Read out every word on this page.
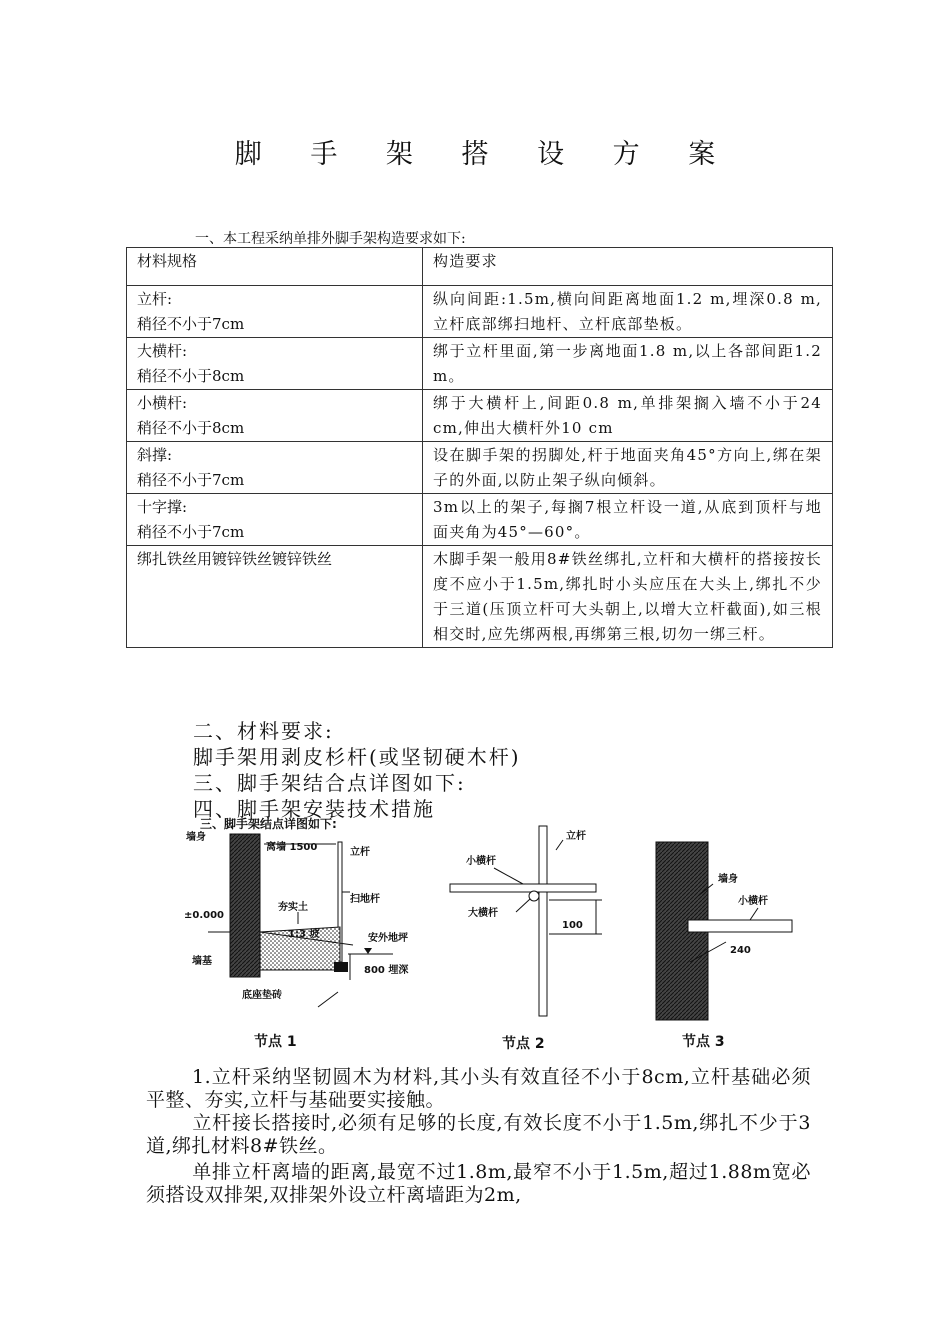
脚 手 架 搭 设 方 案
一、本工程采纳单排外脚手架构造要求如下:
材料规格	构造要求

立杆:
稍径不小于7cm	纵向间距:1.5m,横向间距离地面1.2 m,埋深0.8 m,立杆底部绑扫地杆、立杆底部垫板。

大横杆:
稍径不小于8cm	绑于立杆里面,第一步离地面1.8 m,以上各部间距1.2 m。

小横杆:
稍径不小于8cm	绑于大横杆上,间距0.8 m,单排架搁入墙不小于24 cm,伸出大横杆外10 cm

斜撑:
稍径不小于7cm	设在脚手架的拐脚处,杆于地面夹角45°方向上,绑在架子的外面,以防止架子纵向倾斜。

十字撑:
稍径不小于7cm	3m以上的架子,每搁7根立杆设一道,从底到顶杆与地面夹角为45°—60°。

绑扎铁丝用镀锌铁丝镀锌铁丝	木脚手架一般用8#铁丝绑扎,立杆和大横杆的搭接按长度不应小于1.5m,绑扎时小头应压在大头上,绑扎不少于三道(压顶立杆可大头朝上,以增大立杆截面),如三根相交时,应先绑两根,再绑第三根,切勿一绑三杆。
二、材料要求:
脚手架用剥皮杉杆(或坚韧硬木杆)
三、脚手架结合点详图如下:
四、脚手架安装技术措施
三、脚手架结点详图如下:
墙身
离墙 1500	立杆
扫地杆
夯实土
1:3 坡
±0.000
安外地坪
墙基
800 埋深
底座垫砖
节点 1
立杆
小横杆
大横杆
100
节点 2
墙身
小横杆
240
节点 3
1.立杆采纳坚韧圆木为材料,其小头有效直径不小于8cm,立杆基础必须平整、夯实,立杆与基础要实接触。
立杆接长搭接时,必须有足够的长度,有效长度不小于1.5m,绑扎不少于3道,绑扎材料8#铁丝。
单排立杆离墙的距离,最宽不过1.8m,最窄不小于1.5m,超过1.88m宽必须搭设双排架,双排架外设立杆离墙距为2m,
